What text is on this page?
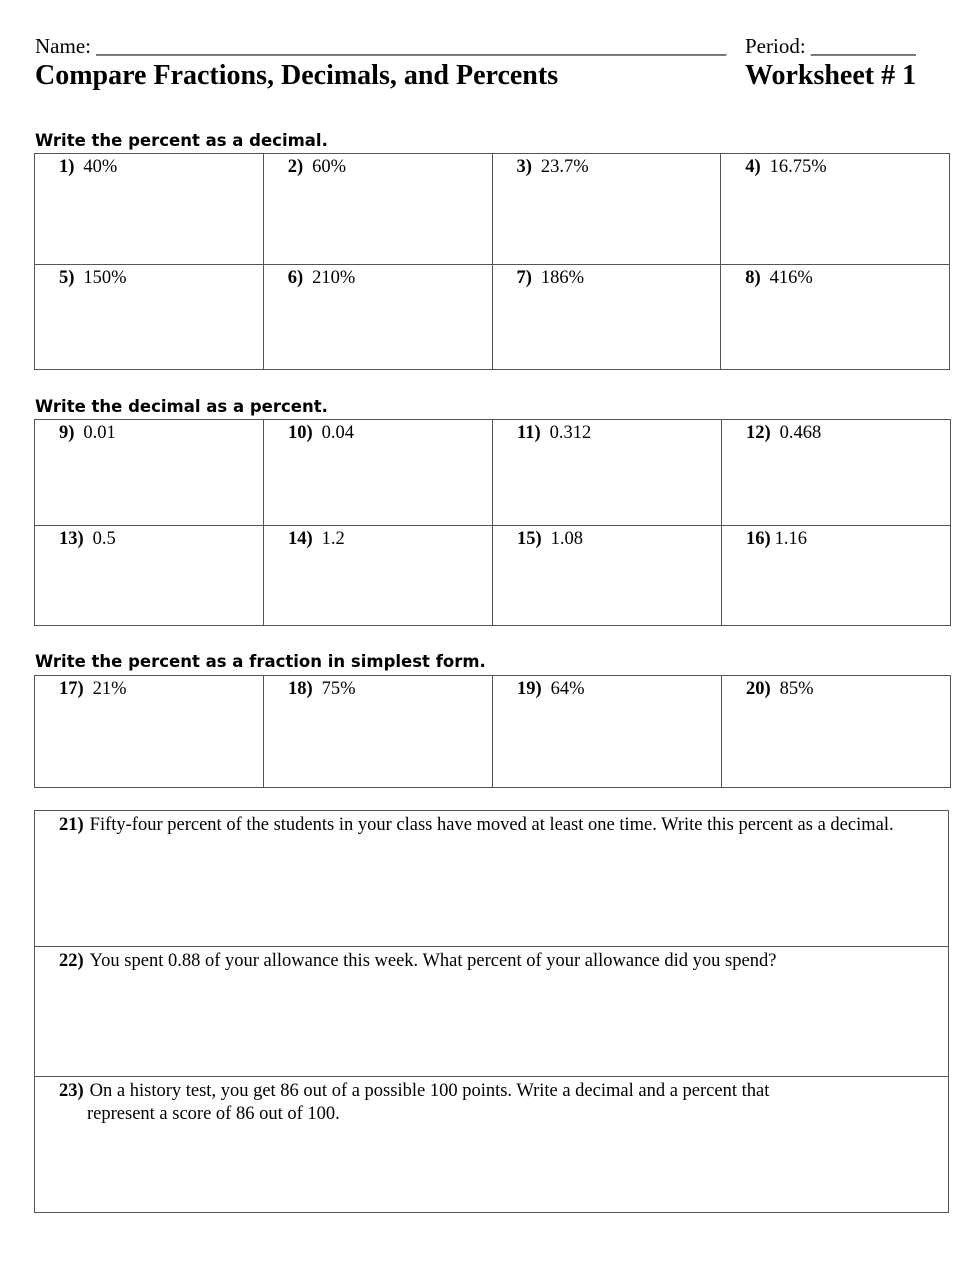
Name: ____________________________________________________________ Period: __________
Compare Fractions, Decimals, and Percents	Worksheet # 1
Write the percent as a decimal.
1) 40%	2) 60%	3) 23.7%	4) 16.75%
5) 150%	6) 210%	7) 186%	8) 416%
Write the decimal as a percent.
9) 0.01	10) 0.04	11) 0.312	12) 0.468
13) 0.5	14) 1.2	15) 1.08	16) 1.16
Write the percent as a fraction in simplest form.
17) 21%	18) 75%	19) 64%	20) 85%
21) Fifty-four percent of the students in your class have moved at least one time. Write this percent as a decimal.
22) You spent 0.88 of your allowance this week. What percent of your allowance did you spend?
23) On a history test, you get 86 out of a possible 100 points. Write a decimal and a percent that
represent a score of 86 out of 100.
